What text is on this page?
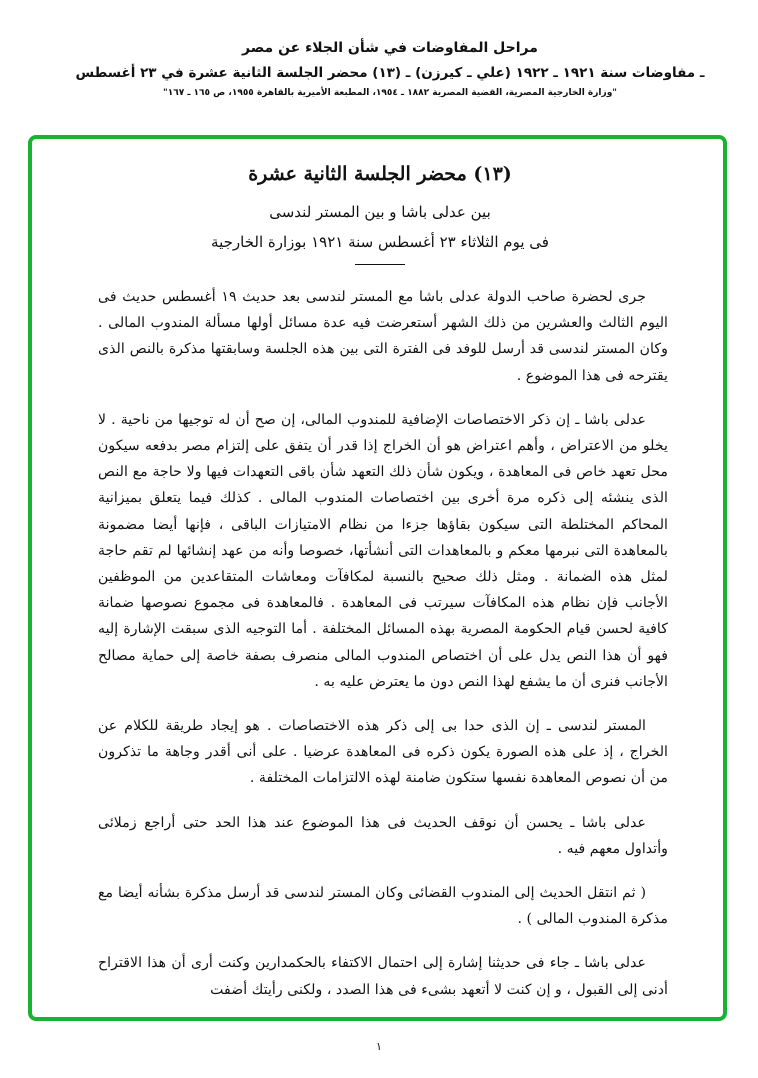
مراحل المفاوضات في شأن الجلاء عن مصر

ـ مفاوضات سنة ١٩٢١ ـ ١٩٢٢ (علي ـ كيرزن) ـ (١٣) محضر الجلسة الثانية عشرة في ٢٣ أغسطس

"وزارة الخارجية المصرية، القضية المصرية ١٨٨٢ ـ ١٩٥٤، المطبعة الأميرية بالقاهرة ١٩٥٥، ص ١٦٥ ـ ١٦٧"

(١٣) محضر الجلسة الثانية عشرة

بين عدلى باشا و بين المستر لندسى

فى يوم الثلاثاء ٢٣ أغسطس سنة ١٩٢١ بوزارة الخارجية

جرى لحضرة صاحب الدولة عدلى باشا مع المستر لندسى بعد حديث ١٩ أغسطس حديث فى اليوم الثالث والعشرين من ذلك الشهر أستعرضت فيه عدة مسائل أولها مسألة المندوب المالى . وكان المستر لندسى قد أرسل للوفد فى الفترة التى بين هذه الجلسة وسابقتها مذكرة بالنص الذى يقترحه فى هذا الموضوع .

عدلى باشا ـ إن ذكر الاختصاصات الإضافية للمندوب المالى، إن صح أن له توجيها من ناحية . لا يخلو من الاعتراض ، وأهم اعتراض هو أن الخراج إذا قدر أن يتفق على إلتزام مصر بدفعه سيكون محل تعهد خاص فى المعاهدة ، ويكون شأن ذلك التعهد شأن باقى التعهدات فيها ولا حاجة مع النص الذى ينشئه إلى ذكره مرة أخرى بين اختصاصات المندوب المالى . كذلك فيما يتعلق بميزانية المحاكم المختلطة التى سيكون بقاؤها جزءا من نظام الامتيازات الباقى ، فإنها أيضا مضمونة بالمعاهدة التى نبرمها معكم و بالمعاهدات التى أنشأتها، خصوصا وأنه من عهد إنشائها لم تقم حاجة لمثل هذه الضمانة . ومثل ذلك صحيح بالنسبة لمكافآت ومعاشات المتقاعدين من الموظفين الأجانب فإن نظام هذه المكافآت سيرتب فى المعاهدة . فالمعاهدة فى مجموع نصوصها ضمانة كافية لحسن قيام الحكومة المصرية بهذه المسائل المختلفة . أما التوجيه الذى سبقت الإشارة إليه فهو أن هذا النص يدل على أن اختصاص المندوب المالى منصرف بصفة خاصة إلى حماية مصالح الأجانب فنرى أن ما يشفع لهذا النص دون ما يعترض عليه به .

المستر لندسى ـ إن الذى حدا بى إلى ذكر هذه الاختصاصات . هو إيجاد طريقة للكلام عن الخراج ، إذ على هذه الصورة يكون ذكره فى المعاهدة عرضيا . على أنى أقدر وجاهة ما تذكرون من أن نصوص المعاهدة نفسها ستكون ضامنة لهذه الالتزامات المختلفة .

عدلى باشا ـ يحسن أن نوقف الحديث فى هذا الموضوع عند هذا الحد حتى أراجع زملائى وأتداول معهم فيه .

( ثم انتقل الحديث إلى المندوب القضائى وكان المستر لندسى قد أرسل مذكرة بشأنه أيضا مع مذكرة المندوب المالى ) .

عدلى باشا ـ جاء فى حديثنا إشارة إلى احتمال الاكتفاء بالحكمدارين وكنت أرى أن هذا الاقتراح أدنى إلى القبول ، و إن كنت لا أتعهد بشىء فى هذا الصدد ، ولكنى رأيتك أضفت

١
